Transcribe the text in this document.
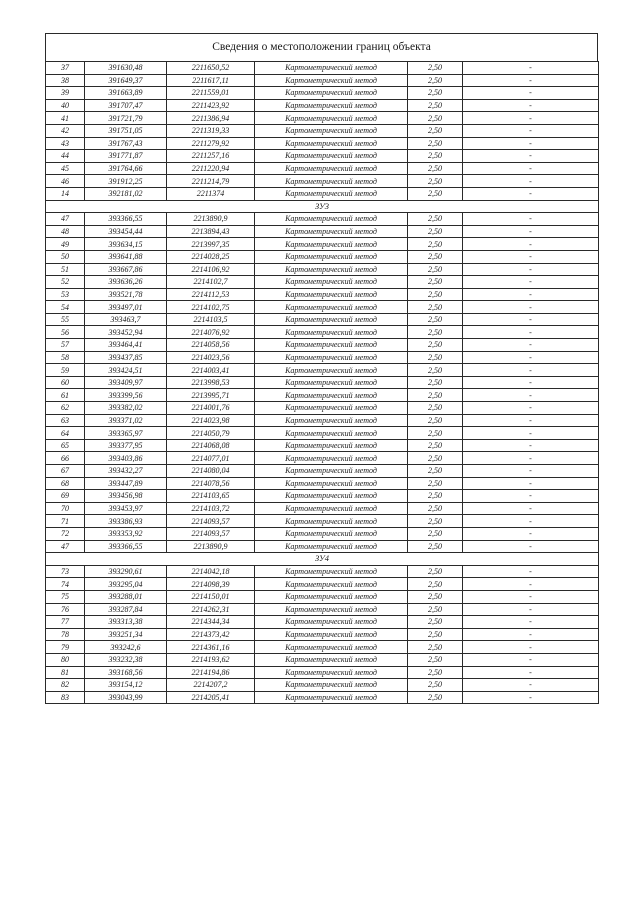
Сведения о местоположении границ объекта
37	391630,48	2211650,52	Картометрический метод	2,50	-
38	391649,37	2211617,11	Картометрический метод	2,50	-
39	391663,89	2211559,01	Картометрический метод	2,50	-
40	391707,47	2211423,92	Картометрический метод	2,50	-
41	391721,79	2211386,94	Картометрический метод	2,50	-
42	391751,05	2211319,33	Картометрический метод	2,50	-
43	391767,43	2211279,92	Картометрический метод	2,50	-
44	391771,87	2211257,16	Картометрический метод	2,50	-
45	391764,66	2211220,94	Картометрический метод	2,50	-
46	391912,25	2211214,79	Картометрический метод	2,50	-
14	392181,02	2211374	Картометрический метод	2,50	-
ЗУ3					
47	393366,55	2213890,9	Картометрический метод	2,50	-
48	393454,44	2213894,43	Картометрический метод	2,50	-
49	393634,15	2213997,35	Картометрический метод	2,50	-
50	393641,88	2214028,25	Картометрический метод	2,50	-
51	393667,86	2214106,92	Картометрический метод	2,50	-
52	393636,26	2214102,7	Картометрический метод	2,50	-
53	393521,78	2214112,53	Картометрический метод	2,50	-
54	393497,01	2214102,75	Картометрический метод	2,50	-
55	393463,7	2214103,5	Картометрический метод	2,50	-
56	393452,94	2214076,92	Картометрический метод	2,50	-
57	393464,41	2214058,56	Картометрический метод	2,50	-
58	393437,85	2214023,56	Картометрический метод	2,50	-
59	393424,51	2214003,41	Картометрический метод	2,50	-
60	393409,97	2213998,53	Картометрический метод	2,50	-
61	393399,56	2213995,71	Картометрический метод	2,50	-
62	393382,02	2214001,76	Картометрический метод	2,50	-
63	393371,02	2214023,98	Картометрический метод	2,50	-
64	393365,97	2214050,79	Картометрический метод	2,50	-
65	393377,95	2214068,08	Картометрический метод	2,50	-
66	393403,86	2214077,01	Картометрический метод	2,50	-
67	393432,27	2214080,04	Картометрический метод	2,50	-
68	393447,89	2214078,56	Картометрический метод	2,50	-
69	393456,98	2214103,65	Картометрический метод	2,50	-
70	393453,97	2214103,72	Картометрический метод	2,50	-
71	393386,93	2214093,57	Картометрический метод	2,50	-
72	393353,92	2214093,57	Картометрический метод	2,50	-
47	393366,55	2213890,9	Картометрический метод	2,50	-
ЗУ4					
73	393290,61	2214042,18	Картометрический метод	2,50	-
74	393295,04	2214098,39	Картометрический метод	2,50	-
75	393288,01	2214150,01	Картометрический метод	2,50	-
76	393287,84	2214262,31	Картометрический метод	2,50	-
77	393313,38	2214344,34	Картометрический метод	2,50	-
78	393251,34	2214373,42	Картометрический метод	2,50	-
79	393242,6	2214361,16	Картометрический метод	2,50	-
80	393232,38	2214193,62	Картометрический метод	2,50	-
81	393168,56	2214194,86	Картометрический метод	2,50	-
82	393154,12	2214207,2	Картометрический метод	2,50	-
83	393043,99	2214205,41	Картометрический метод	2,50	-
